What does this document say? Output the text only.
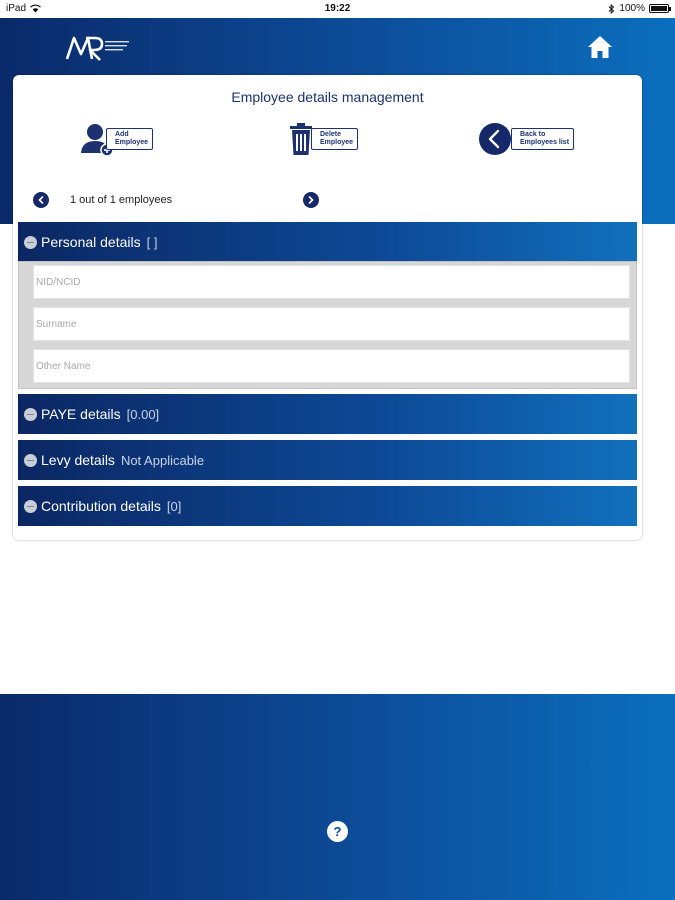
iPad	19:22	100%
Employee details management
Add
Employee
Delete
Employee
Back to
Employees list
1 out of 1 employees
Personal details [ ]
NID/NCID
Surname
Other Name
PAYE details [0.00]
Levy details Not Applicable
Contribution details [0]
?
